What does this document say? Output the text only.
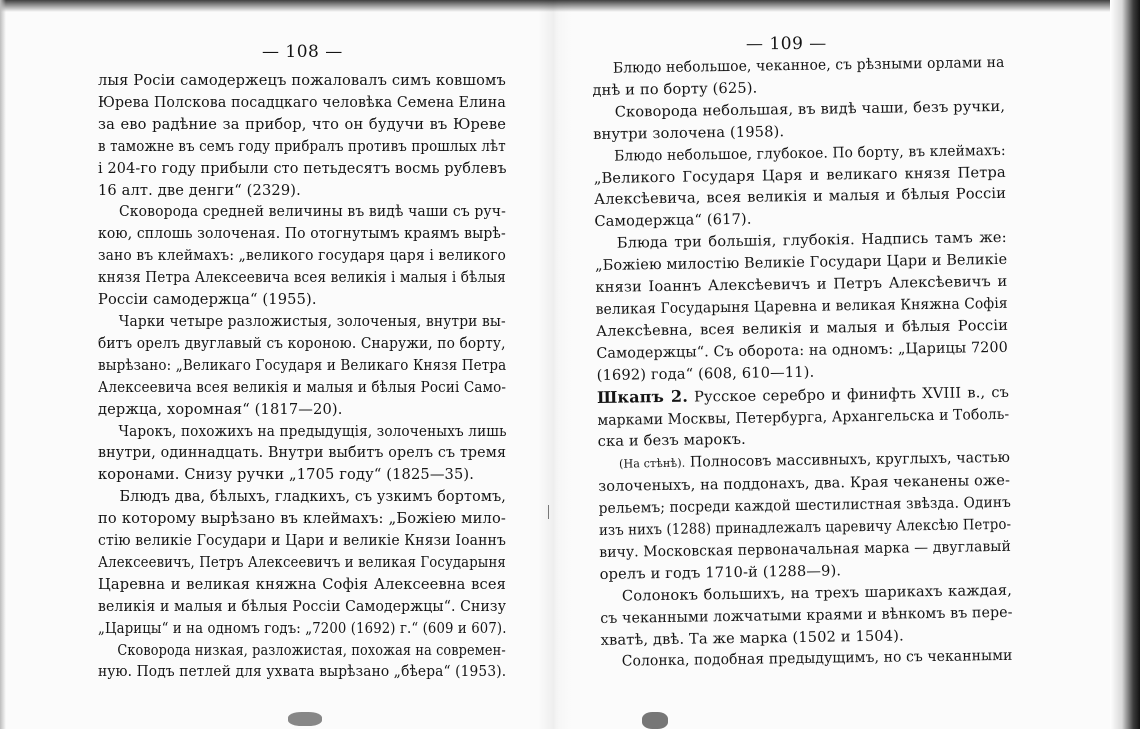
— 108 —	— 109 —
лыя Росiи самодержецъ пожаловалъ симъ ковшомъ
Юрева Полскова посадцкаго человѣка Семена Елина
за ево радѣние за прибор, что он будучи въ Юреве
в таможне въ семъ году прибралъ противъ прошлых лѣт
i 204-го году прибыли сто петьдесятъ восмь рублевъ
16 алт. две денги“ (2329).
Сковорода средней величины въ видѣ чаши съ руч-
кою, сплошь золоченая. По отогнутымъ краямъ вырѣ-
зано въ клеймахъ: „великого государя царя i великого
князя Петра Алексеевича всея великiя i малыя i бѣлыя
Россiи самодержца“ (1955).
Чарки четыре разложистыя, золоченыя, внутри вы-
битъ орелъ двуглавый съ короною. Снаружи, по борту,
вырѣзано: „Великаго Государя и Великаго Князя Петра
Алексеевича всея великiя и малыя и бѣлыя Росиi Само-
держца, хоромная“ (1817—20).
Чарокъ, похожихъ на предыдущiя, золоченыхъ лишь
внутри, одиннадцать. Внутри выбитъ орелъ съ тремя
коронами. Снизу ручки „1705 году“ (1825—35).
Блюдъ два, бѣлыхъ, гладкихъ, съ узкимъ бортомъ,
по которому вырѣзано въ клеймахъ: „Божiею мило-
стiю великiе Государи и Цари и великiе Князи Iоаннъ
Алексеевичъ, Петръ Алексеевичъ и великая Государыня
Царевна и великая княжна Софiя Алексеевна всея
великiя и малыя и бѣлыя Россiи Самодержцы“. Снизу
„Царицы“ и на одномъ годъ: „7200 (1692) г.“ (609 и 607).
Сковорода низкая, разложистая, похожая на современ-
ную. Подъ петлей для ухвата вырѣзано „бѣера“ (1953).
Блюдо небольшое, чеканное, съ рѣзными орлами на
днѣ и по борту (625).
Сковорода небольшая, въ видѣ чаши, безъ ручки,
внутри золочена (1958).
Блюдо небольшое, глубокое. По борту, въ клеймахъ:
„Великого Государя Царя и великаго князя Петра
Алексѣевича, всея великiя и малыя и бѣлыя Россiи
Самодержца“ (617).
Блюда три большiя, глубокiя. Надпись тамъ же:
„Божiею милостiю Великiе Государи Цари и Великiе
князи Iоаннъ Алексѣевичъ и Петръ Алексѣевичъ и
великая Государыня Царевна и великая Княжна Софiя
Алексѣевна, всея великiя и малыя и бѣлыя Россiи
Самодержцы“. Съ оборота: на одномъ: „Царицы 7200
(1692) года“ (608, 610—11).
Шкапъ 2. Русское серебро и финифть XVIII в., съ
марками Москвы, Петербурга, Архангельска и Тоболь-
ска и безъ марокъ.
(На стѣнѣ). Полносовъ массивныхъ, круглыхъ, частью
золоченыхъ, на поддонахъ, два. Края чеканены оже-
рельемъ; посреди каждой шестилистная звѣзда. Одинъ
изъ нихъ (1288) принадлежалъ царевичу Алексѣю Петро-
вичу. Московская первоначальная марка — двуглавый
орелъ и годъ 1710-й (1288—9).
Солонокъ большихъ, на трехъ шарикахъ каждая,
съ чеканными ложчатыми краями и вѣнкомъ въ пере-
хватѣ, двѣ. Та же марка (1502 и 1504).
Солонка, подобная предыдущимъ, но съ чеканными
